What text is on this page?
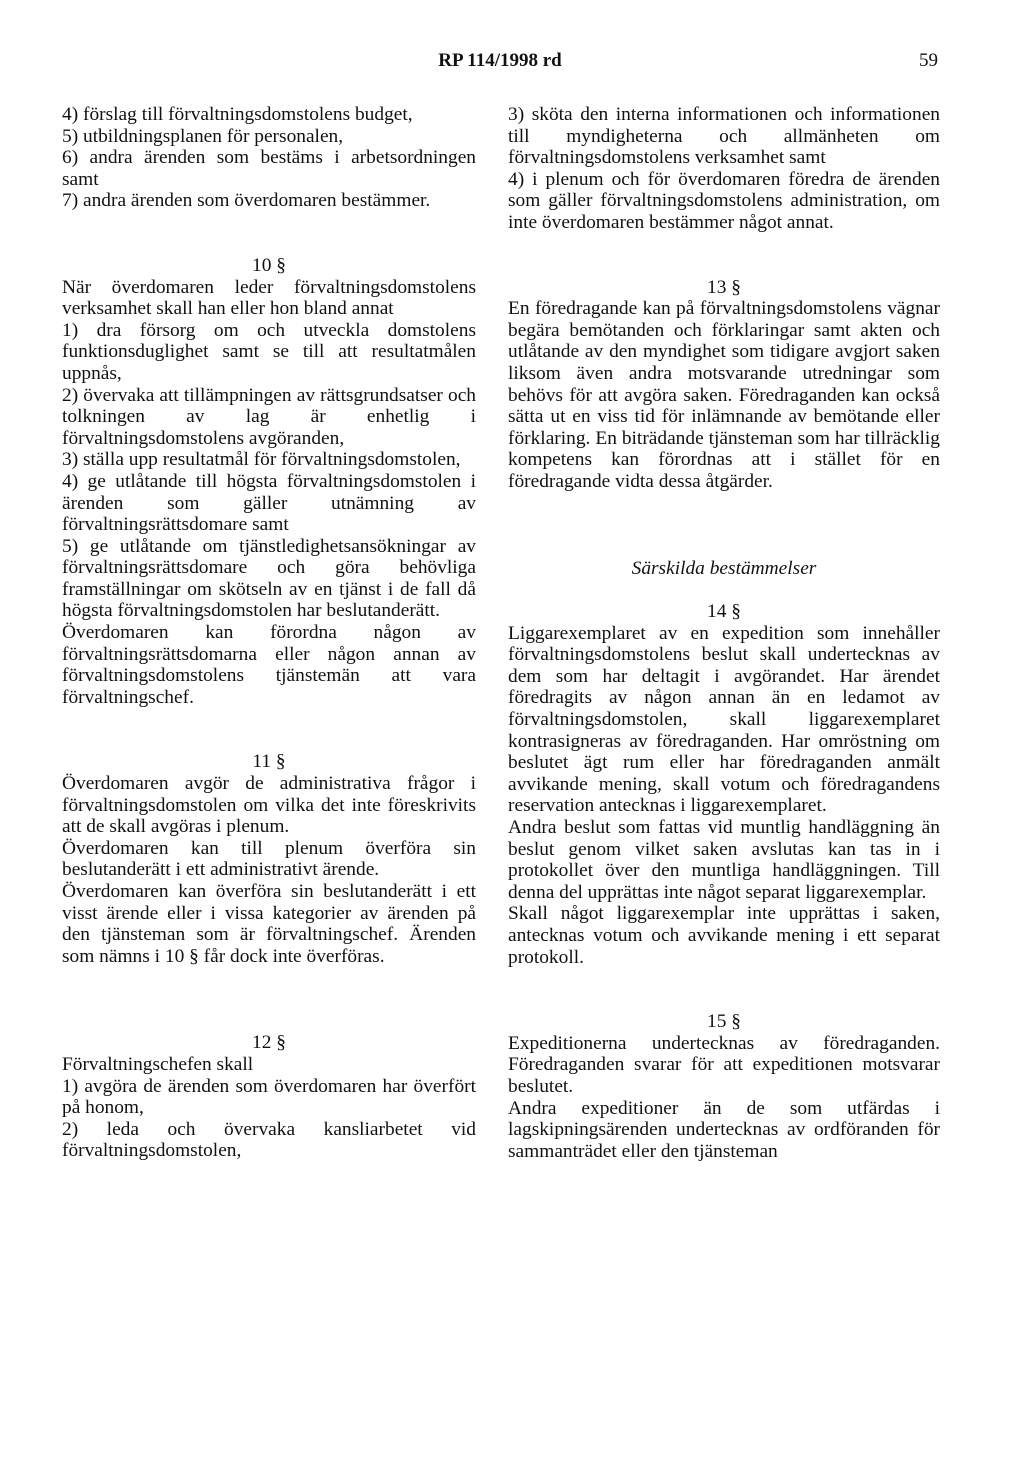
RP 114/1998 rd	59

4) förslag till förvaltningsdomstolens budget,

5) utbildningsplanen för personalen,

6) andra ärenden som bestäms i arbetsordningen samt

7) andra ärenden som överdomaren bestämmer.

10 §

När överdomaren leder förvaltningsdomstolens verksamhet skall han eller hon bland annat

1) dra försorg om och utveckla domstolens funktionsduglighet samt se till att resultatmålen uppnås,

2) övervaka att tillämpningen av rättsgrundsatser och tolkningen av lag är enhetlig i förvaltningsdomstolens avgöranden,

3) ställa upp resultatmål för förvaltningsdomstolen,

4) ge utlåtande till högsta förvaltningsdomstolen i ärenden som gäller utnämning av förvaltningsrättsdomare samt

5) ge utlåtande om tjänstledighetsansökningar av förvaltningsrättsdomare och göra behövliga framställningar om skötseln av en tjänst i de fall då högsta förvaltningsdomstolen har beslutanderätt.

Överdomaren kan förordna någon av förvaltningsrättsdomarna eller någon annan av förvaltningsdomstolens tjänstemän att vara förvaltningschef.

11 §

Överdomaren avgör de administrativa frågor i förvaltningsdomstolen om vilka det inte föreskrivits att de skall avgöras i plenum.

Överdomaren kan till plenum överföra sin beslutanderätt i ett administrativt ärende.

Överdomaren kan överföra sin beslutanderätt i ett visst ärende eller i vissa kategorier av ärenden på den tjänsteman som är förvaltningschef. Ärenden som nämns i 10 § får dock inte överföras.

12 §

Förvaltningschefen skall

1) avgöra de ärenden som överdomaren har överfört på honom,

2) leda och övervaka kansliarbetet vid förvaltningsdomstolen,

3) sköta den interna informationen och informationen till myndigheterna och allmänheten om förvaltningsdomstolens verksamhet samt

4) i plenum och för överdomaren föredra de ärenden som gäller förvaltningsdomstolens administration, om inte överdomaren bestämmer något annat.

13 §

En föredragande kan på förvaltningsdomstolens vägnar begära bemötanden och förklaringar samt akten och utlåtande av den myndighet som tidigare avgjort saken liksom även andra motsvarande utredningar som behövs för att avgöra saken. Föredraganden kan också sätta ut en viss tid för inlämnande av bemötande eller förklaring. En biträdande tjänsteman som har tillräcklig kompetens kan förordnas att i stället för en föredragande vidta dessa åtgärder.

Särskilda bestämmelser

14 §

Liggarexemplaret av en expedition som innehåller förvaltningsdomstolens beslut skall undertecknas av dem som har deltagit i avgörandet. Har ärendet föredragits av någon annan än en ledamot av förvaltningsdomstolen, skall liggarexemplaret kontrasigneras av föredraganden. Har omröstning om beslutet ägt rum eller har föredraganden anmält avvikande mening, skall votum och föredragandens reservation antecknas i liggarexemplaret.

Andra beslut som fattas vid muntlig handläggning än beslut genom vilket saken avslutas kan tas in i protokollet över den muntliga handläggningen. Till denna del upprättas inte något separat liggarexemplar.

Skall något liggarexemplar inte upprättas i saken, antecknas votum och avvikande mening i ett separat protokoll.

15 §

Expeditionerna undertecknas av föredraganden. Föredraganden svarar för att expeditionen motsvarar beslutet.

Andra expeditioner än de som utfärdas i lagskipningsärenden undertecknas av ordföranden för sammanträdet eller den tjänsteman
